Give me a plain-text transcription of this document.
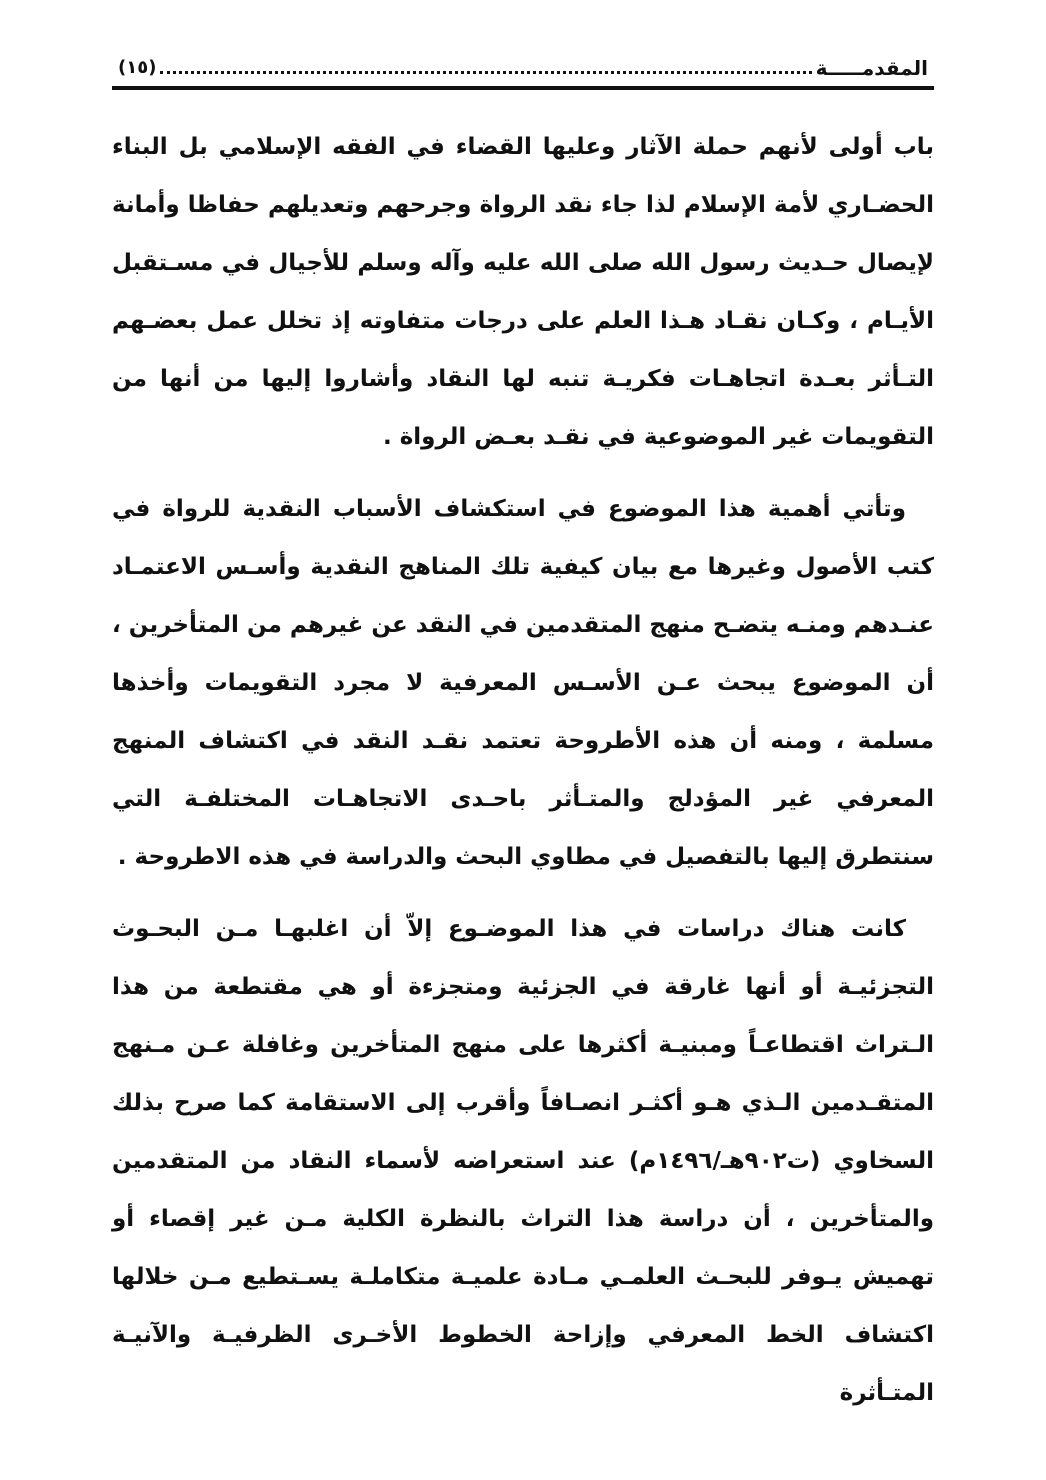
المقدمـــــة
(١٥)

باب أولى لأنهم حملة الآثار وعليها القضاء في الفقه الإسلامي بل البناء الحضـاري لأمة الإسلام لذا جاء نقد الرواة وجرحهم وتعديلهم حفاظا وأمانة لإيصال حـديث رسول الله صلى الله عليه وآله وسلم للأجيال في مسـتقبل الأيـام ، وكـان نقـاد هـذا العلم على درجات متفاوته إذ تخلل عمل بعضـهم التـأثر بعـدة اتجاهـات فكريـة تنبه لها النقاد وأشاروا إليها من أنها من التقويمات غير الموضوعية في نقـد بعـض الرواة .

وتأتي أهمية هذا الموضوع في استكشاف الأسباب النقدية للرواة في كتب الأصول وغيرها مع بيان كيفية تلك المناهج النقدية وأسـس الاعتمـاد عنـدهم ومنـه يتضـح منهج المتقدمين في النقد عن غيرهم من المتأخرين ، أن الموضوع يبحث عـن الأسـس المعرفية لا مجرد التقويمات وأخذها مسلمة ، ومنه أن هذه الأطروحة تعتمد نقـد النقد في اكتشاف المنهج المعرفي غير المؤدلج والمتـأثر باحـدى الاتجاهـات المختلفـة التي سنتطرق إليها بالتفصيل في مطاوي البحث والدراسة في هذه الاطروحة .

كانت هناك دراسات في هذا الموضـوع إلاّ أن اغلبهـا مـن البحـوث التجزئيـة أو أنها غارقة في الجزئية ومتجزءة أو هي مقتطعة من هذا الـتراث اقتطاعـاً ومبنيـة أكثرها على منهج المتأخرين وغافلة عـن مـنهج المتقـدمين الـذي هـو أكثـر انصـافاً وأقرب إلى الاستقامة كما صرح بذلك السخاوي (ت٩٠٢هـ/١٤٩٦م) عند استعراضه لأسماء النقاد من المتقدمين والمتأخرين ، أن دراسة هذا التراث بالنظرة الكلية مـن غير إقصاء أو تهميش يـوفر للبحـث العلمـي مـادة علميـة متكاملـة يسـتطيع مـن خلالها اكتشاف الخط المعرفي وإزاحة الخطوط الأخـرى الظرفيـة والآنيـة المتـأثرة
